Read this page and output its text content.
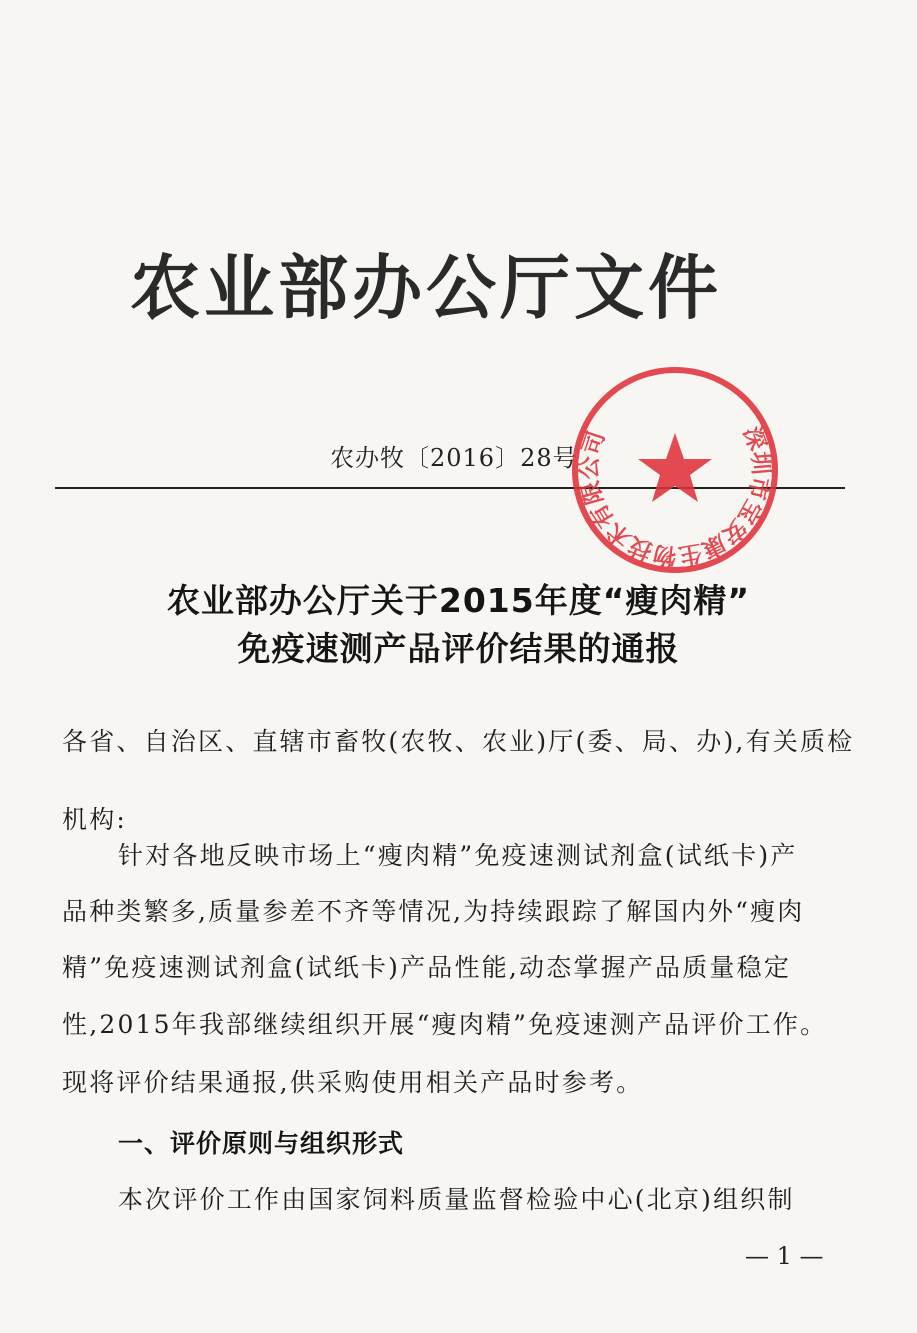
农业部办公厅文件
农办牧〔2016〕28号
深圳市宝安康生物技术有限公司
农业部办公厅关于2015年度“瘦肉精”
免疫速测产品评价结果的通报
各省、自治区、直辖市畜牧(农牧、农业)厅(委、局、办),有关质检
机构:
针对各地反映市场上“瘦肉精”免疫速测试剂盒(试纸卡)产
品种类繁多,质量参差不齐等情况,为持续跟踪了解国内外“瘦肉
精”免疫速测试剂盒(试纸卡)产品性能,动态掌握产品质量稳定
性,2015年我部继续组织开展“瘦肉精”免疫速测产品评价工作。
现将评价结果通报,供采购使用相关产品时参考。
一、评价原则与组织形式
本次评价工作由国家饲料质量监督检验中心(北京)组织制
— 1 —
